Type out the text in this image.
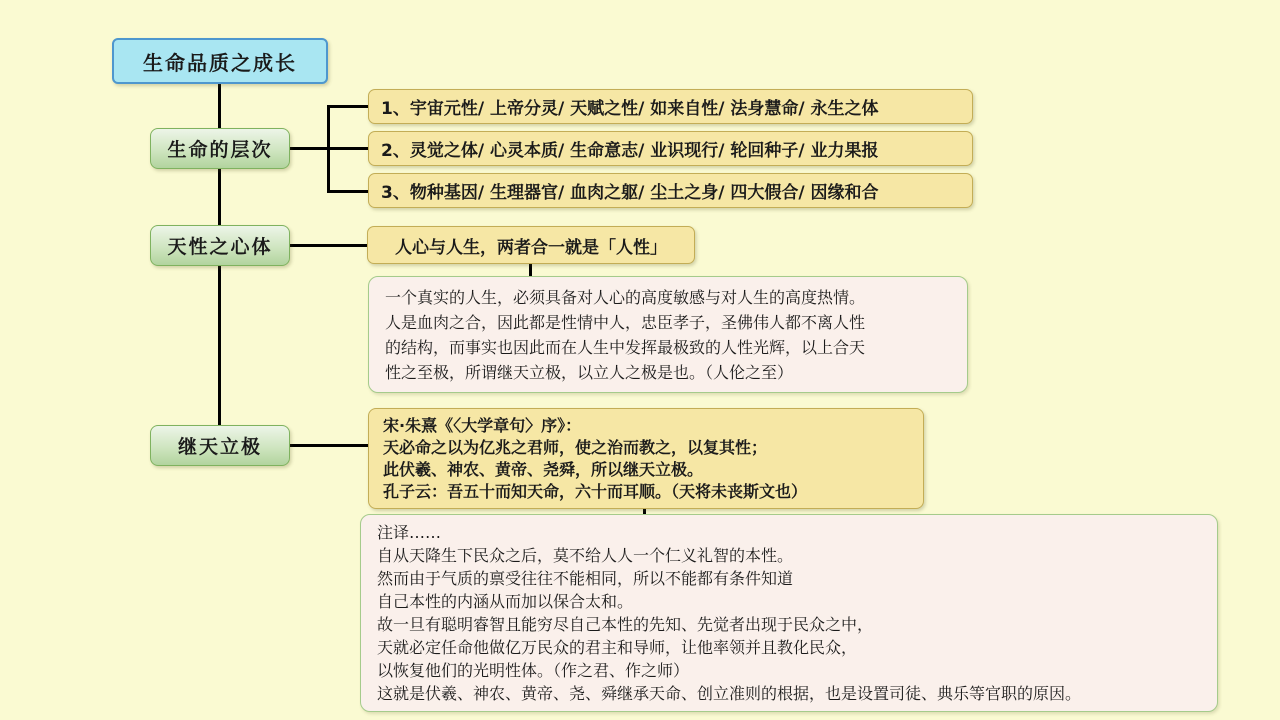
生命品质之成长
生命的层次
1、宇宙元性/ 上帝分灵/ 天赋之性/ 如来自性/ 法身慧命/ 永生之体
2、灵觉之体/ 心灵本质/ 生命意志/ 业识现行/ 轮回种子/ 业力果报
3、物种基因/ 生理器官/ 血肉之躯/ 尘土之身/ 四大假合/ 因缘和合
天性之心体	人心与人生，两者合一就是「人性」
一个真实的人生，必须具备对人心的高度敏感与对人生的高度热情。
人是血肉之合，因此都是性情中人，忠臣孝子，圣佛伟人都不离人性
的结构，而事实也因此而在人生中发挥最极致的人性光辉，以上合天
性之至极，所谓继天立极，以立人之极是也。（人伦之至）
继天立极
宋·朱熹《〈大学章句〉序》：
天必命之以为亿兆之君师，使之治而教之，以复其性；
此伏羲、神农、黄帝、尧舜，所以继天立极。
孔子云：吾五十而知天命，六十而耳顺。（天将未丧斯文也）
注译……
自从天降生下民众之后，莫不给人人一个仁义礼智的本性。
然而由于气质的禀受往往不能相同，所以不能都有条件知道
自己本性的内涵从而加以保合太和。
故一旦有聪明睿智且能穷尽自己本性的先知、先觉者出现于民众之中，
天就必定任命他做亿万民众的君主和导师，让他率领并且教化民众，
以恢复他们的光明性体。（作之君、作之师）
这就是伏羲、神农、黄帝、尧、舜继承天命、创立准则的根据，也是设置司徒、典乐等官职的原因。
